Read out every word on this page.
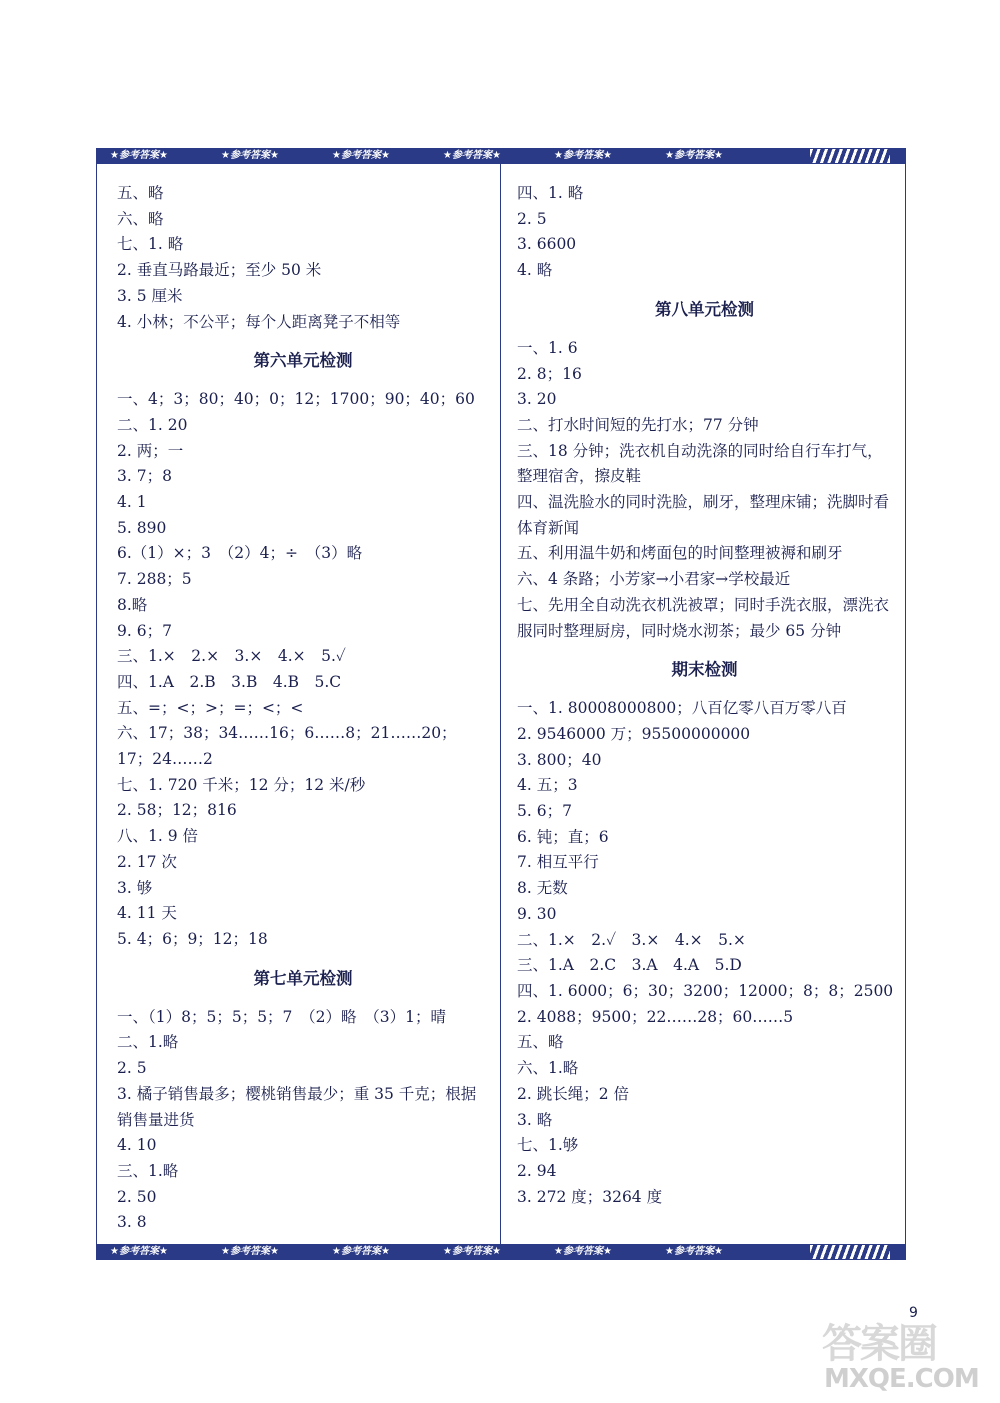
★参考答案★	★参考答案★	★参考答案★	★参考答案★	★参考答案★	★参考答案★
五、略
六、略
七、1. 略
2. 垂直马路最近；至少 50 米
3. 5 厘米
4. 小林；不公平；每个人距离凳子不相等
第六单元检测
一、4；3；80；40；0；12；1700；90；40；60
二、1. 20
2. 两；一
3. 7；8
4. 1
5. 890
6.（1）×；3　（2）4；÷　（3）略
7. 288；5
8.略
9. 6；7
三、1.×　2.×　3.×　4.×　5.✓
四、1.A　2.B　3.B　4.B　5.C
五、=；<；>；=；<；<
六、17；38；34……16；6……8；21……20；17；24……2
七、1. 720 千米；12 分；12 米/秒
2. 58；12；816
八、1. 9 倍
2. 17 次
3. 够
4. 11 天
5. 4；6；9；12；18
第七单元检测
一、（1）8；5；5；5；7　（2）略　（3）1；晴
二、1.略
2. 5
3. 橘子销售最多；樱桃销售最少；重 35 千克；根据销售量进货
4. 10
三、1.略
2. 50
3. 8
四、1. 略
2. 5
3. 6600
4. 略
第八单元检测
一、1. 6
2. 8；16
3. 20
二、打水时间短的先打水；77 分钟
三、18 分钟；洗衣机自动洗涤的同时给自行车打气，整理宿舍，擦皮鞋
四、温洗脸水的同时洗脸，刷牙，整理床铺；洗脚时看体育新闻
五、利用温牛奶和烤面包的时间整理被褥和刷牙
六、4 条路；小芳家→小君家→学校最近
七、先用全自动洗衣机洗被罩；同时手洗衣服，漂洗衣服同时整理厨房，同时烧水沏茶；最少 65 分钟
期末检测
一、1. 80008000800；八百亿零八百万零八百
2. 9546000 万；95500000000
3. 800；40
4. 五；3
5. 6；7
6. 钝；直；6
7. 相互平行
8. 无数
9. 30
二、1.×　2.✓　3.×　4.×　5.×
三、1.A　2.C　3.A　4.A　5.D
四、1. 6000；6；30；3200；12000；8；8；2500
2. 4088；9500；22……28；60……5
五、略
六、1.略
2. 跳长绳；2 倍
3. 略
七、1.够
2. 94
3. 272 度；3264 度
★参考答案★	★参考答案★	★参考答案★	★参考答案★	★参考答案★	★参考答案★
9
答案圈
MXQE.COM
